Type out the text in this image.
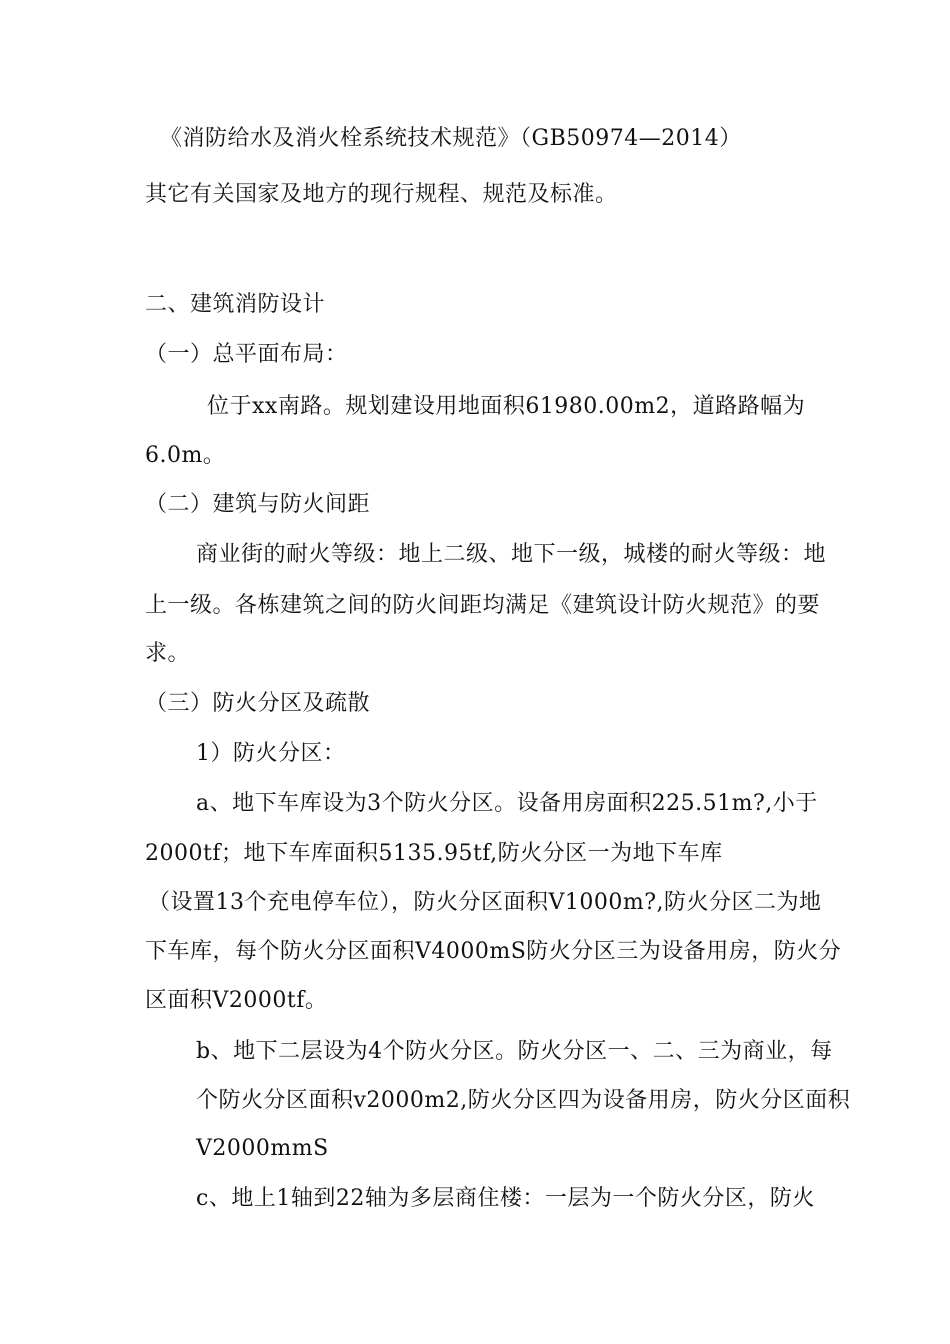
《消防给水及消火栓系统技术规范》（GB50974—2014）
其它有关国家及地方的现行规程、规范及标准。
二、建筑消防设计
（一）总平面布局：
位于xx南路。规划建设用地面积61980.00m2，道路路幅为
6.0m。
（二）建筑与防火间距
商业街的耐火等级：地上二级、地下一级，城楼的耐火等级：地
上一级。各栋建筑之间的防火间距均满足《建筑设计防火规范》的要
求。
（三）防火分区及疏散
1）防火分区：
a、地下车库设为3个防火分区。设备用房面积225.51m?,小于
2000tf；地下车库面积5135.95tf,防火分区一为地下车库
（设置13个充电停车位），防火分区面积V1000m?,防火分区二为地
下车库，每个防火分区面积V4000mS防火分区三为设备用房，防火分
区面积V2000tf。
b、地下二层设为4个防火分区。防火分区一、二、三为商业，每
个防火分区面积v2000m2,防火分区四为设备用房，防火分区面积
V2000mmS
c、地上1轴到22轴为多层商住楼：一层为一个防火分区，防火
